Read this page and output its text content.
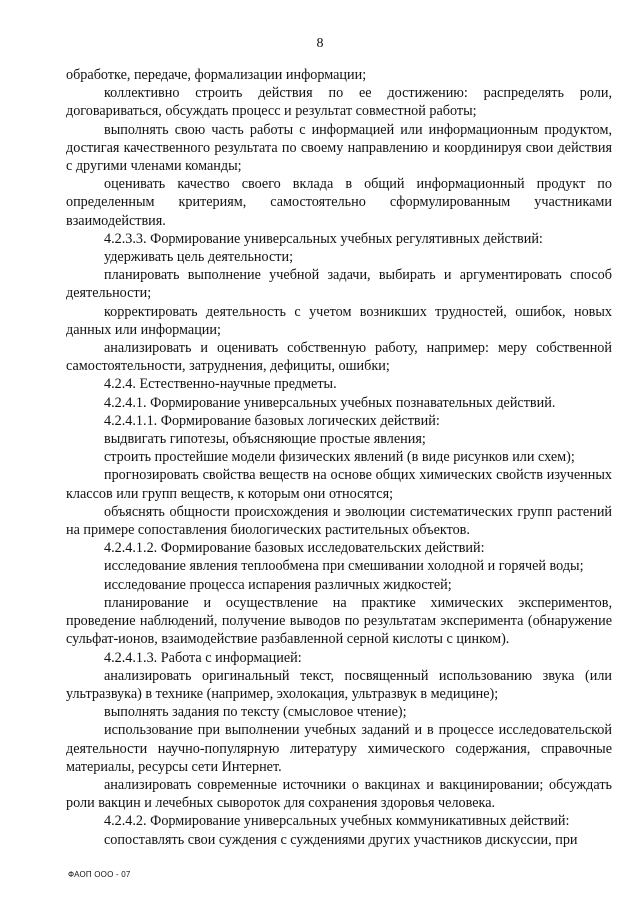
8

обработке, передаче, формализации информации;

коллективно строить действия по ее достижению: распределять роли, договариваться, обсуждать процесс и результат совместной работы;

выполнять свою часть работы с информацией или информационным продуктом, достигая качественного результата по своему направлению и координируя свои действия с другими членами команды;

оценивать качество своего вклада в общий информационный продукт по определенным критериям, самостоятельно сформулированным участниками взаимодействия.

4.2.3.3. Формирование универсальных учебных регулятивных действий:

удерживать цель деятельности;

планировать выполнение учебной задачи, выбирать и аргументировать способ деятельности;

корректировать деятельность с учетом возникших трудностей, ошибок, новых данных или информации;

анализировать и оценивать собственную работу, например: меру собственной самостоятельности, затруднения, дефициты, ошибки;

4.2.4. Естественно-научные предметы.

4.2.4.1. Формирование универсальных учебных познавательных действий.

4.2.4.1.1. Формирование базовых логических действий:

выдвигать гипотезы, объясняющие простые явления;

строить простейшие модели физических явлений (в виде рисунков или схем);

прогнозировать свойства веществ на основе общих химических свойств изученных классов или групп веществ, к которым они относятся;

объяснять общности происхождения и эволюции систематических групп растений на примере сопоставления биологических растительных объектов.

4.2.4.1.2. Формирование базовых исследовательских действий:

исследование явления теплообмена при смешивании холодной и горячей воды;

исследование процесса испарения различных жидкостей;

планирование и осуществление на практике химических экспериментов, проведение наблюдений, получение выводов по результатам эксперимента (обнаружение сульфат-ионов, взаимодействие разбавленной серной кислоты с цинком).

4.2.4.1.3. Работа с информацией:

анализировать оригинальный текст, посвященный использованию звука (или ультразвука) в технике (например, эхолокация, ультразвук в медицине);

выполнять задания по тексту (смысловое чтение);

использование при выполнении учебных заданий и в процессе исследовательской деятельности научно-популярную литературу химического содержания, справочные материалы, ресурсы сети Интернет.

анализировать современные источники о вакцинах и вакцинировании; обсуждать роли вакцин и лечебных сывороток для сохранения здоровья человека.

4.2.4.2. Формирование универсальных учебных коммуникативных действий:

сопоставлять свои суждения с суждениями других участников дискуссии, при

ФАОП ООО - 07
